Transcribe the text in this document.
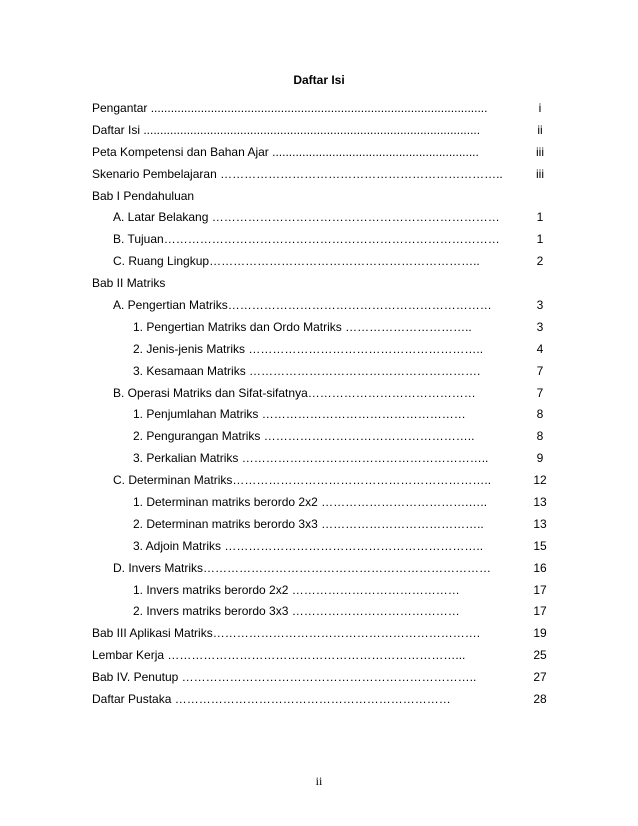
Daftar Isi
Pengantar .....................................................................................................	i
Daftar Isi .....................................................................................................	ii
Peta Kompetensi dan Bahan Ajar ..............................................................	iii
Skenario Pembelajaran ……………………………………………………………..	iii
Bab I Pendahuluan
A. Latar Belakang ………………………………………………………………	1
B. Tujuan…………………………………………………………………………	1
C. Ruang Lingkup…………………………………………………………..	2
Bab II Matriks
A. Pengertian Matriks…………………………………………………………	3
1. Pengertian Matriks dan Ordo Matriks …………………………..	3
2. Jenis-jenis Matriks …………………………………………………..	4
3. Kesamaan Matriks ………………………………………………….	7
B. Operasi Matriks dan Sifat-sifatnya……………………………………	7
1. Penjumlahan Matriks ……………………………………………	8
2. Pengurangan Matriks ……………………………………………..	8
3. Perkalian Matriks ……………………………………………………..	9
C. Determinan Matriks………………………………………………………..	12
1. Determinan matriks berordo 2x2 ……………………………….…..	13
2. Determinan matriks berordo 3x3 …………………………………..	13
3. Adjoin Matriks ………………………………………………………..	15
D. Invers Matriks………………………………………………………………	16
1. Invers matriks berordo 2x2 ……………………………………	17
2. Invers matriks berordo 3x3 ……………………………………	17
Bab III Aplikasi Matriks………………………………………………………….	19
Lembar Kerja ………………………………………………………………...	25
Bab IV. Penutup ………………………………………………………………..	27
Daftar Pustaka ……………………………………………………………	28
ii
